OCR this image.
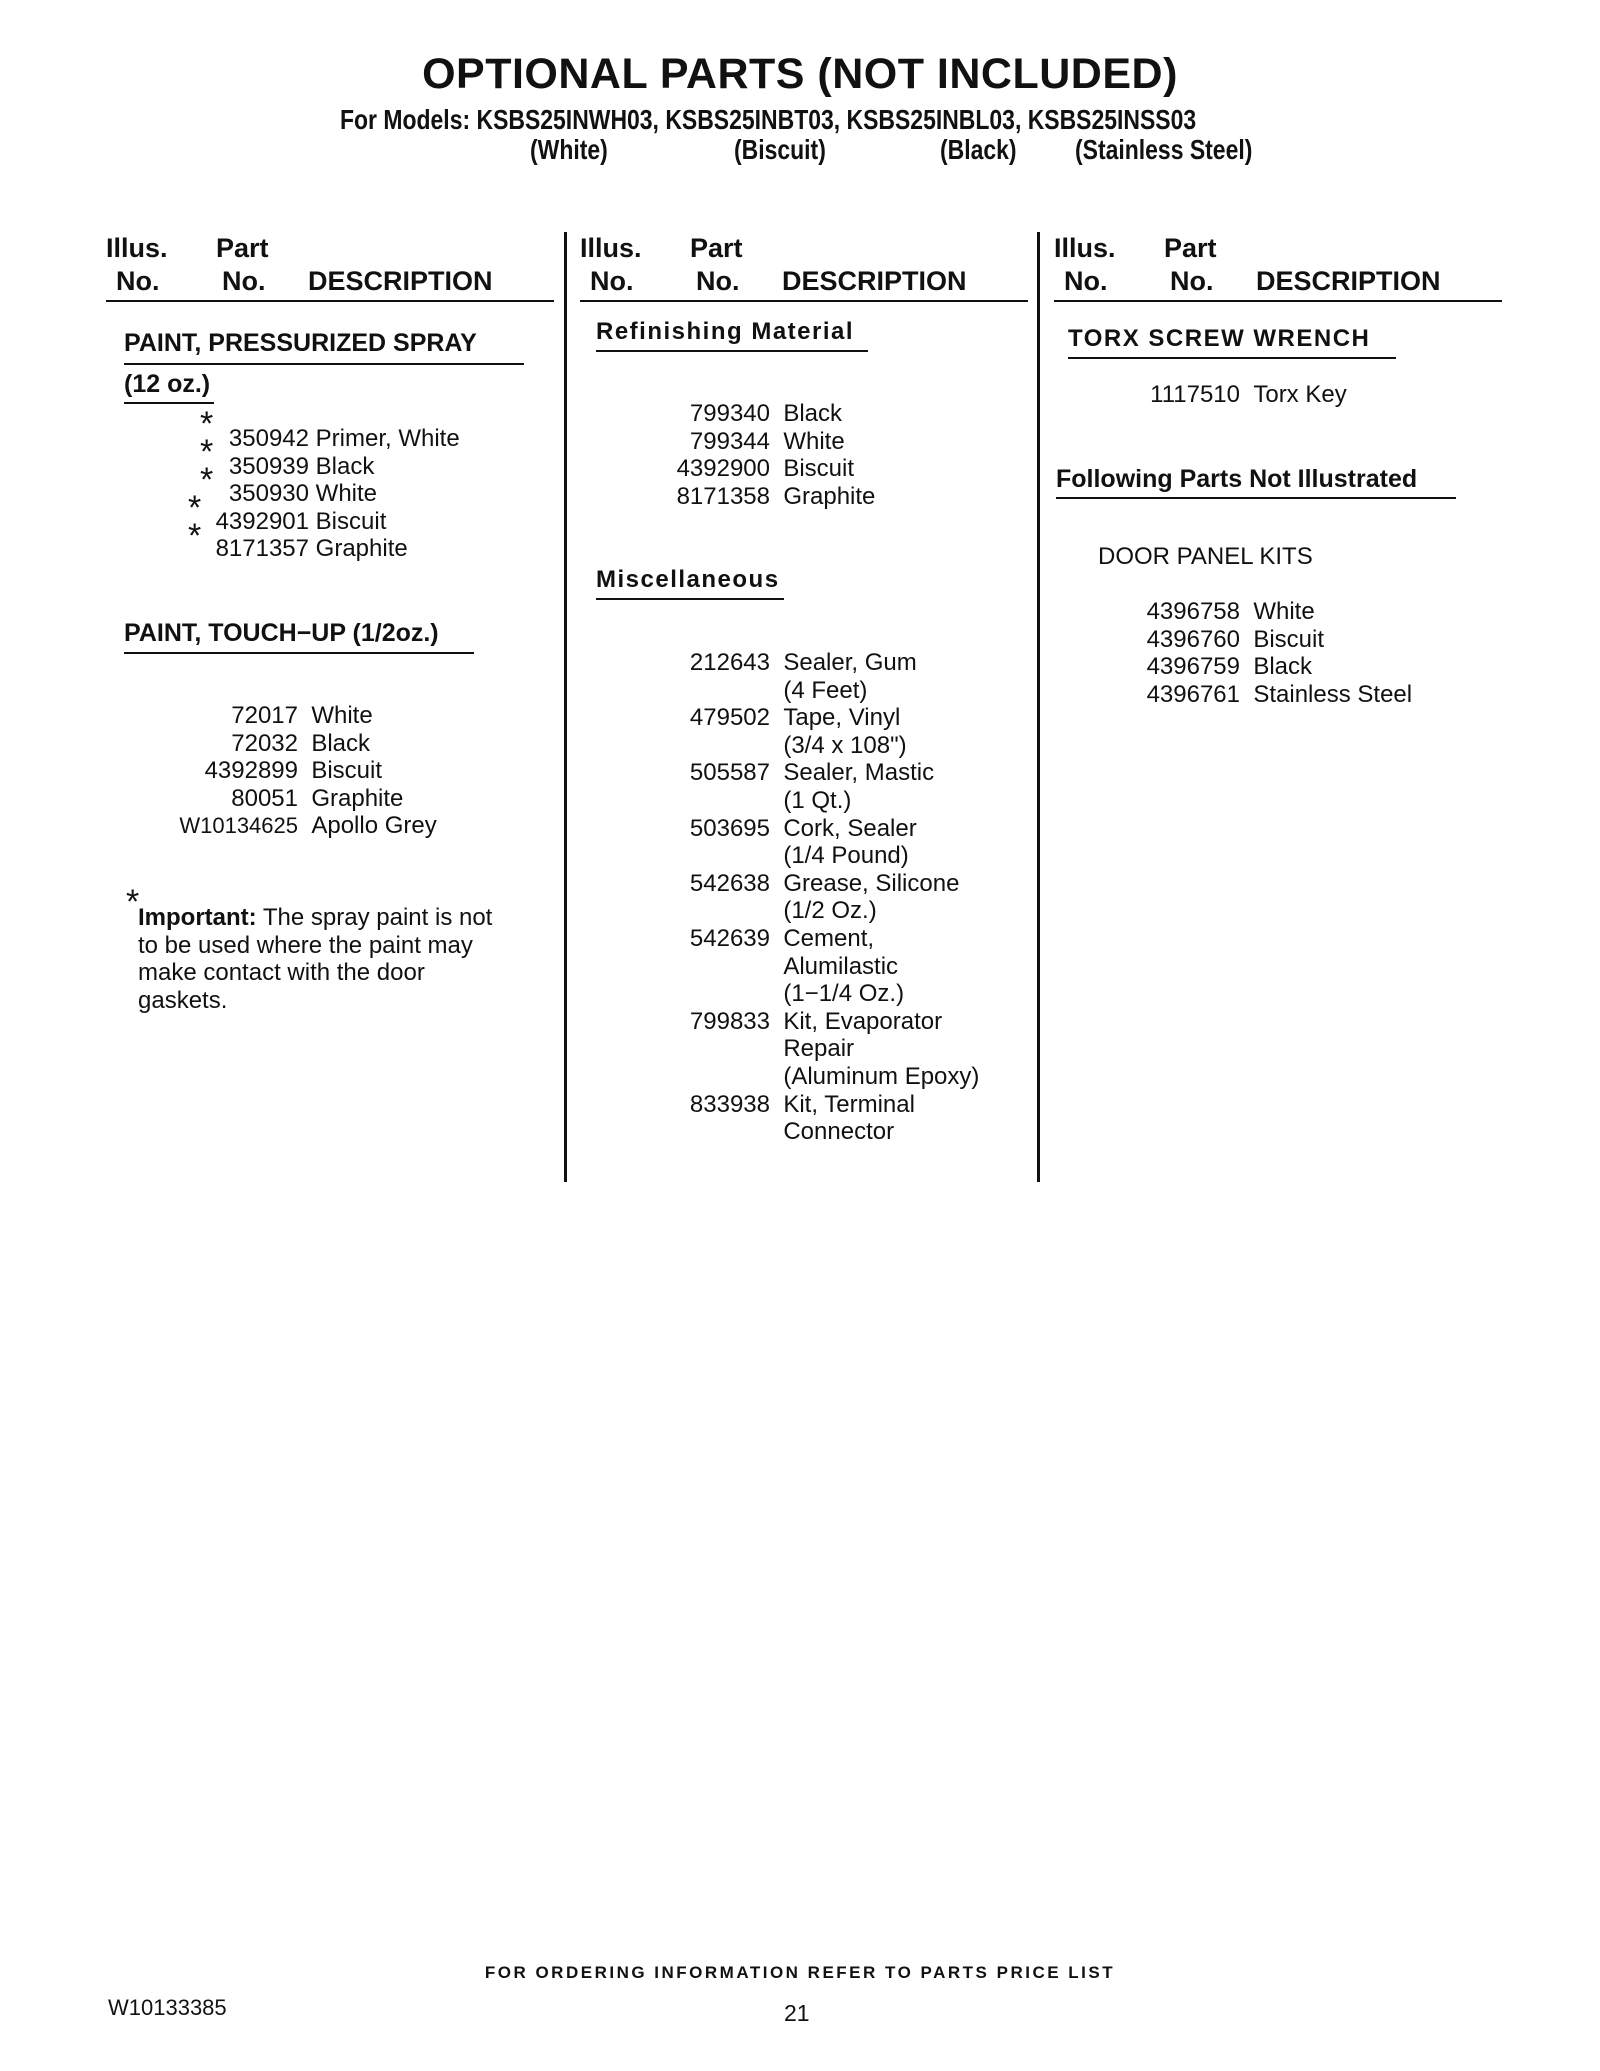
OPTIONAL PARTS (NOT INCLUDED)
For Models: KSBS25INWH03, KSBS25INBT03, KSBS25INBL03, KSBS25INSS03
(White)	(Biscuit)	(Black) (Stainless Steel)
Illus.
No.
Part
No. DESCRIPTION
Illus.
No.
Part
No. DESCRIPTION
Illus.
No.
Part
No. DESCRIPTION
PAINT, PRESSURIZED SPRAY
(12 oz.)
*
*
*
*
*
350942 Primer, White
350939 Black
350930 White
4392901 Biscuit
8171357 Graphite
PAINT, TOUCH−UP (1/2oz.)
72017 White
72032 Black
4392899 Biscuit
80051 Graphite
W10134625 Apollo Grey
*
Important: The spray paint is not to be used where the paint may make contact with the door gaskets.
Refinishing Material
799340 Black
799344 White
4392900 Biscuit
8171358 Graphite
Miscellaneous
212643 Sealer, Gum
(4 Feet)
479502 Tape, Vinyl
(3/4 x 108")
505587 Sealer, Mastic
(1 Qt.)
503695 Cork, Sealer
(1/4 Pound)
542638 Grease, Silicone
(1/2 Oz.)
542639 Cement,
Alumilastic
(1−1/4 Oz.)
799833 Kit, Evaporator
Repair
(Aluminum Epoxy)
833938 Kit, Terminal
Connector
TORX SCREW WRENCH
1117510 Torx Key
Following Parts Not Illustrated
DOOR PANEL KITS
4396758 White
4396760 Biscuit
4396759 Black
4396761 Stainless Steel
FOR ORDERING INFORMATION REFER TO PARTS PRICE LIST
W10133385	21
